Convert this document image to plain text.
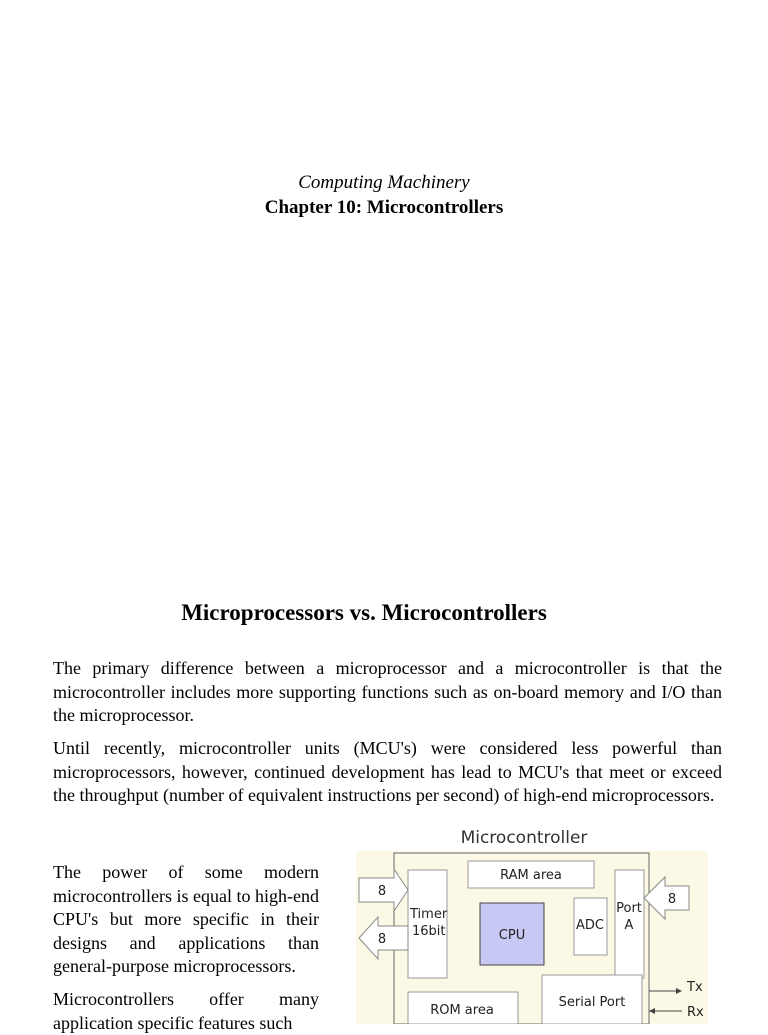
Computing Machinery
Chapter 10: Microcontrollers
Microprocessors vs. Microcontrollers

The primary difference between a microprocessor and a microcontroller is that the microcontroller includes more supporting functions such as on-board memory and I/O than the microprocessor.

Until recently, microcontroller units (MCU's) were considered less powerful than microprocessors, however, continued development has lead to MCU's that meet or exceed the throughput (number of equivalent instructions per second) of high-end microprocessors.

The power of some modern microcontrollers is equal to high-end CPU's but more specific in their designs and applications than general-purpose microprocessors.

Microcontrollers offer many application specific features such

Microcontroller
RAM area
Timer
16bit	CPU
ADC
Port
A
ROM area
Serial Port
8
8
8
Tx
Rx
